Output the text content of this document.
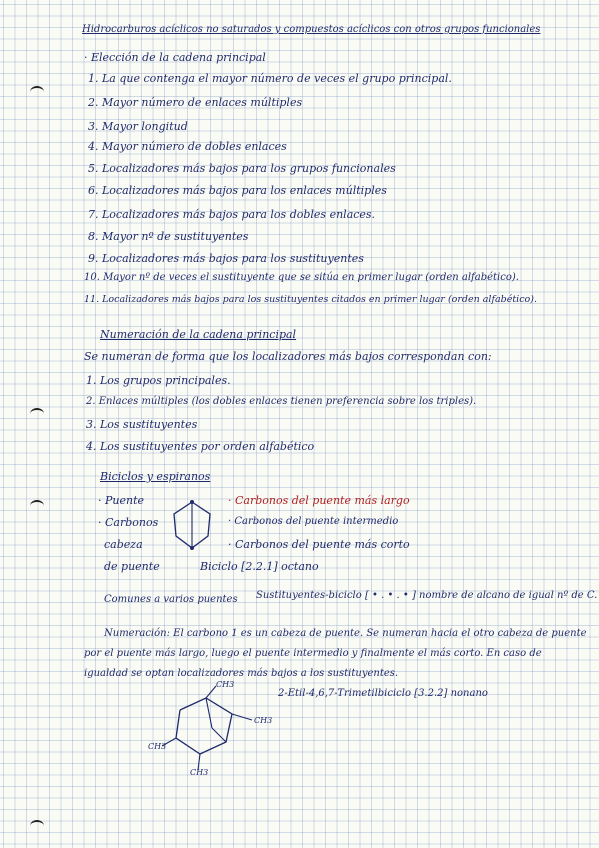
Hidrocarburos acíclicos no saturados y compuestos acíclicos con otros grupos funcionales
· Elección de la cadena principal
1. La que contenga el mayor número de veces el grupo principal.
2. Mayor número de enlaces múltiples
3. Mayor longitud
4. Mayor número de dobles enlaces
5. Localizadores más bajos para los grupos funcionales
6. Localizadores más bajos para los enlaces múltiples
7. Localizadores más bajos para los dobles enlaces.
8. Mayor nº de sustituyentes
9. Localizadores más bajos para los sustituyentes
10. Mayor nº de veces el sustituyente que se sitúa en primer lugar (orden alfabético).
11. Localizadores más bajos para los sustituyentes citados en primer lugar (orden alfabético).
Numeración de la cadena principal
Se numeran de forma que los localizadores más bajos correspondan con:
1. Los grupos principales.
2. Enlaces múltiples (los dobles enlaces tienen preferencia sobre los triples).
3. Los sustituyentes
4. Los sustituyentes por orden alfabético
Biciclos y espiranos
· Puente
· Carbonos
cabeza
de puente
· Carbonos del puente más largo
· Carbonos del puente intermedio
· Carbonos del puente más corto
Biciclo [2.2.1] octano
Comunes a varios puentes Sustituyentes-biciclo [ • . • . • ] nombre de alcano de igual nº de C.
Numeración: El carbono 1 es un cabeza de puente. Se numeran hacia el otro cabeza de puente
por el puente más largo, luego el puente intermedio y finalmente el más corto. En caso de
igualdad se optan localizadores más bajos a los sustituyentes.
2-Etil-4,6,7-Trimetilbiciclo [3.2.2] nonano
CH3
CH3
CH3
CH3
